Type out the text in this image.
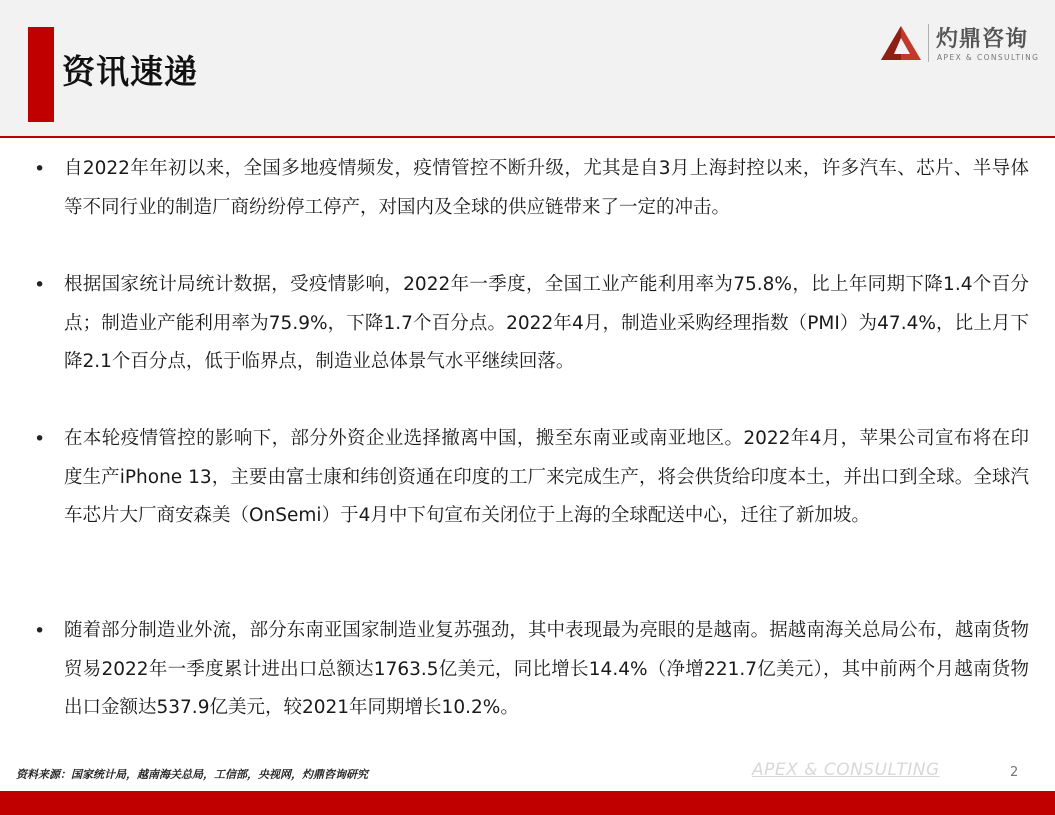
资讯速递
灼鼎咨询
APEX & CONSULTING
• 自2022年年初以来，全国多地疫情频发，疫情管控不断升级，尤其是自3月上海封控以来，许多汽车、芯片、半导体等不同行业的制造厂商纷纷停工停产，对国内及全球的供应链带来了一定的冲击。
• 根据国家统计局统计数据，受疫情影响，2022年一季度，全国工业产能利用率为75.8%，比上年同期下降1.4个百分点；制造业产能利用率为75.9%，下降1.7个百分点。2022年4月，制造业采购经理指数（PMI）为47.4%，比上月下降2.1个百分点，低于临界点，制造业总体景气水平继续回落。
• 在本轮疫情管控的影响下，部分外资企业选择撤离中国，搬至东南亚或南亚地区。2022年4月，苹果公司宣布将在印度生产iPhone 13，主要由富士康和纬创资通在印度的工厂来完成生产，将会供货给印度本土，并出口到全球。全球汽车芯片大厂商安森美（OnSemi）于4月中下旬宣布关闭位于上海的全球配送中心，迁往了新加坡。
• 随着部分制造业外流，部分东南亚国家制造业复苏强劲，其中表现最为亮眼的是越南。据越南海关总局公布，越南货物贸易2022年一季度累计进出口总额达1763.5亿美元，同比增长14.4%（净增221.7亿美元），其中前两个月越南货物出口金额达537.9亿美元，较2021年同期增长10.2%。
资料来源：国家统计局，越南海关总局，工信部，央视网，灼鼎咨询研究	APEX & CONSULTING	2
